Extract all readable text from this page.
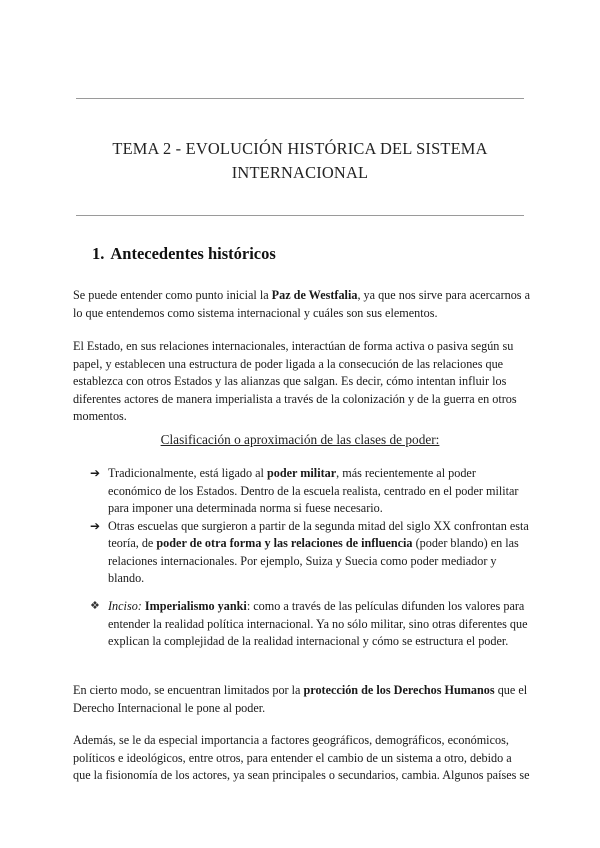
TEMA 2 - EVOLUCIÓN HISTÓRICA DEL SISTEMA INTERNACIONAL
1. Antecedentes históricos
Se puede entender como punto inicial la Paz de Westfalia, ya que nos sirve para acercarnos a lo que entendemos como sistema internacional y cuáles son sus elementos.
El Estado, en sus relaciones internacionales, interactúan de forma activa o pasiva según su papel, y establecen una estructura de poder ligada a la consecución de las relaciones que establezca con otros Estados y las alianzas que salgan. Es decir, cómo intentan influir los diferentes actores de manera imperialista a través de la colonización y de la guerra en otros momentos.
Clasificación o aproximación de las clases de poder:
➔ Tradicionalmente, está ligado al poder militar, más recientemente al poder económico de los Estados. Dentro de la escuela realista, centrado en el poder militar para imponer una determinada norma si fuese necesario.
➔ Otras escuelas que surgieron a partir de la segunda mitad del siglo XX confrontan esta teoría, de poder de otra forma y las relaciones de influencia (poder blando) en las relaciones internacionales. Por ejemplo, Suiza y Suecia como poder mediador y blando.
❖ Inciso: Imperialismo yanki: como a través de las películas difunden los valores para entender la realidad política internacional. Ya no sólo militar, sino otras diferentes que explican la complejidad de la realidad internacional y cómo se estructura el poder.
En cierto modo, se encuentran limitados por la protección de los Derechos Humanos que el Derecho Internacional le pone al poder.
Además, se le da especial importancia a factores geográficos, demográficos, económicos, políticos e ideológicos, entre otros, para entender el cambio de un sistema a otro, debido a que la fisionomía de los actores, ya sean principales o secundarios, cambia. Algunos países se
